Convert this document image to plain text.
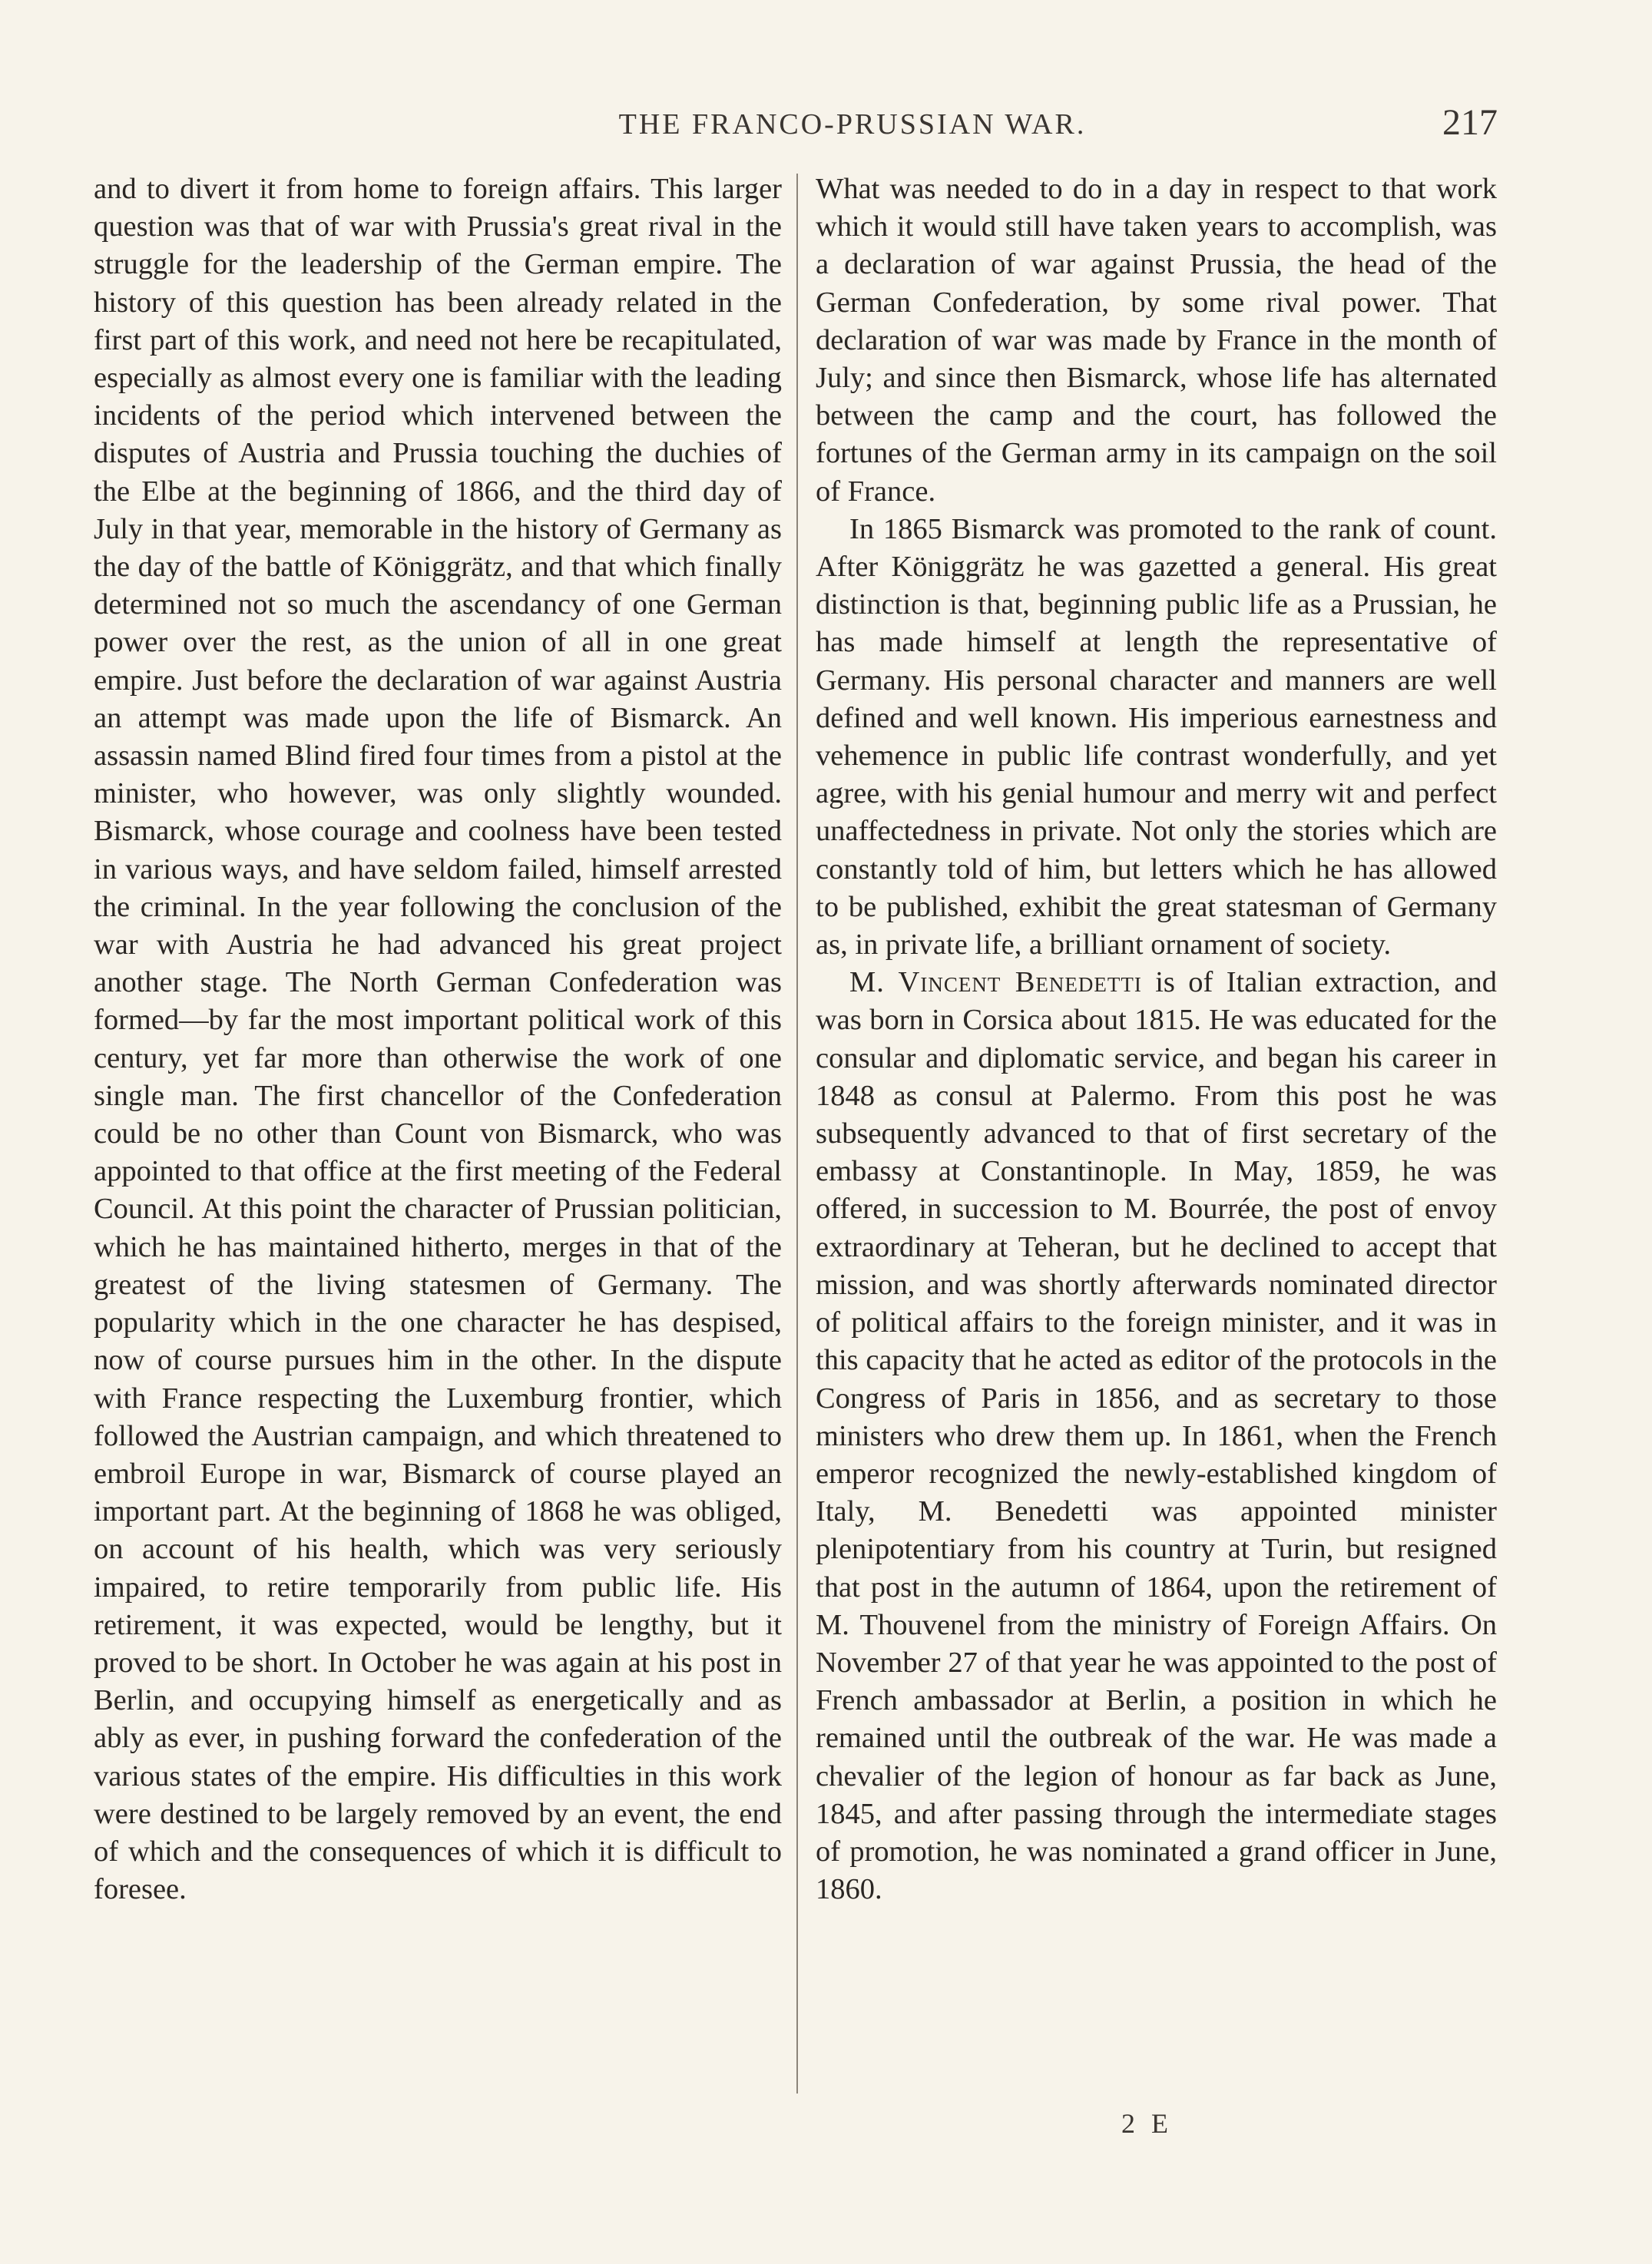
THE FRANCO-PRUSSIAN WAR.	217

and to divert it from home to foreign affairs. This larger question was that of war with Prussia's great rival in the struggle for the leadership of the German empire. The history of this question has been already related in the first part of this work, and need not here be recapitulated, especially as almost every one is familiar with the leading incidents of the period which intervened between the disputes of Austria and Prussia touching the duchies of the Elbe at the beginning of 1866, and the third day of July in that year, memorable in the history of Germany as the day of the battle of Königgrätz, and that which finally determined not so much the ascendancy of one German power over the rest, as the union of all in one great empire. Just before the declaration of war against Austria an attempt was made upon the life of Bismarck. An assassin named Blind fired four times from a pistol at the minister, who however, was only slightly wounded. Bismarck, whose courage and coolness have been tested in various ways, and have seldom failed, himself arrested the criminal. In the year following the conclusion of the war with Austria he had advanced his great project another stage. The North German Confederation was formed—by far the most important political work of this century, yet far more than otherwise the work of one single man. The first chancellor of the Confederation could be no other than Count von Bismarck, who was appointed to that office at the first meeting of the Federal Council. At this point the character of Prussian politician, which he has maintained hitherto, merges in that of the greatest of the living statesmen of Germany. The popularity which in the one character he has despised, now of course pursues him in the other. In the dispute with France respecting the Luxemburg frontier, which followed the Austrian campaign, and which threatened to embroil Europe in war, Bismarck of course played an important part. At the beginning of 1868 he was obliged, on account of his health, which was very seriously impaired, to retire temporarily from public life. His retirement, it was expected, would be lengthy, but it proved to be short. In October he was again at his post in Berlin, and occupying himself as energetically and as ably as ever, in pushing forward the confederation of the various states of the empire. His difficulties in this work were destined to be largely removed by an event, the end of which and the consequences of which it is difficult to foresee.

What was needed to do in a day in respect to that work which it would still have taken years to accomplish, was a declaration of war against Prussia, the head of the German Confederation, by some rival power. That declaration of war was made by France in the month of July; and since then Bismarck, whose life has alternated between the camp and the court, has followed the fortunes of the German army in its campaign on the soil of France.

In 1865 Bismarck was promoted to the rank of count. After Königgrätz he was gazetted a general. His great distinction is that, beginning public life as a Prussian, he has made himself at length the representative of Germany. His personal character and manners are well defined and well known. His imperious earnestness and vehemence in public life contrast wonderfully, and yet agree, with his genial humour and merry wit and perfect unaffectedness in private. Not only the stories which are constantly told of him, but letters which he has allowed to be published, exhibit the great statesman of Germany as, in private life, a brilliant ornament of society.

M. Vincent Benedetti is of Italian extraction, and was born in Corsica about 1815. He was educated for the consular and diplomatic service, and began his career in 1848 as consul at Palermo. From this post he was subsequently advanced to that of first secretary of the embassy at Constantinople. In May, 1859, he was offered, in succession to M. Bourrée, the post of envoy extraordinary at Teheran, but he declined to accept that mission, and was shortly afterwards nominated director of political affairs to the foreign minister, and it was in this capacity that he acted as editor of the protocols in the Congress of Paris in 1856, and as secretary to those ministers who drew them up. In 1861, when the French emperor recognized the newly-established kingdom of Italy, M. Benedetti was appointed minister plenipotentiary from his country at Turin, but resigned that post in the autumn of 1864, upon the retirement of M. Thouvenel from the ministry of Foreign Affairs. On November 27 of that year he was appointed to the post of French ambassador at Berlin, a position in which he remained until the outbreak of the war. He was made a chevalier of the legion of honour as far back as June, 1845, and after passing through the intermediate stages of promotion, he was nominated a grand officer in June, 1860.

2 E
